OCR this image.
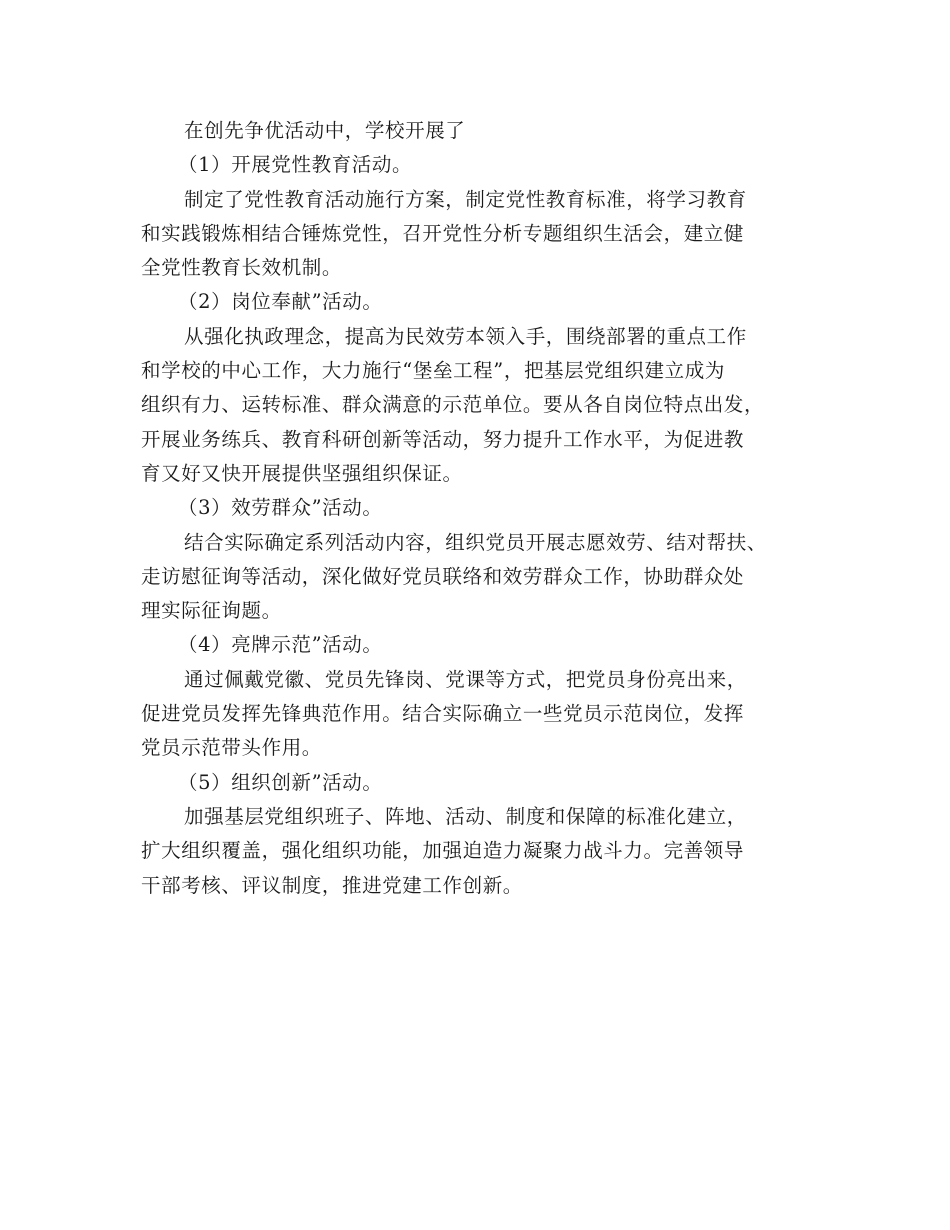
在创先争优活动中，学校开展了
（1）开展党性教育活动。
制定了党性教育活动施行方案，制定党性教育标准，将学习教育
和实践锻炼相结合锤炼党性，召开党性分析专题组织生活会，建立健
全党性教育长效机制。
（2）岗位奉献”活动。
从强化执政理念，提高为民效劳本领入手，围绕部署的重点工作
和学校的中心工作，大力施行“堡垒工程”，把基层党组织建立成为
组织有力、运转标准、群众满意的示范单位。要从各自岗位特点出发，
开展业务练兵、教育科研创新等活动，努力提升工作水平，为促进教
育又好又快开展提供坚强组织保证。
（3）效劳群众”活动。
结合实际确定系列活动内容，组织党员开展志愿效劳、结对帮扶、
走访慰征询等活动，深化做好党员联络和效劳群众工作，协助群众处
理实际征询题。
（4）亮牌示范”活动。
通过佩戴党徽、党员先锋岗、党课等方式，把党员身份亮出来，
促进党员发挥先锋典范作用。结合实际确立一些党员示范岗位，发挥
党员示范带头作用。
（5）组织创新”活动。
加强基层党组织班子、阵地、活动、制度和保障的标准化建立，
扩大组织覆盖，强化组织功能，加强迫造力凝聚力战斗力。完善领导
干部考核、评议制度，推进党建工作创新。
